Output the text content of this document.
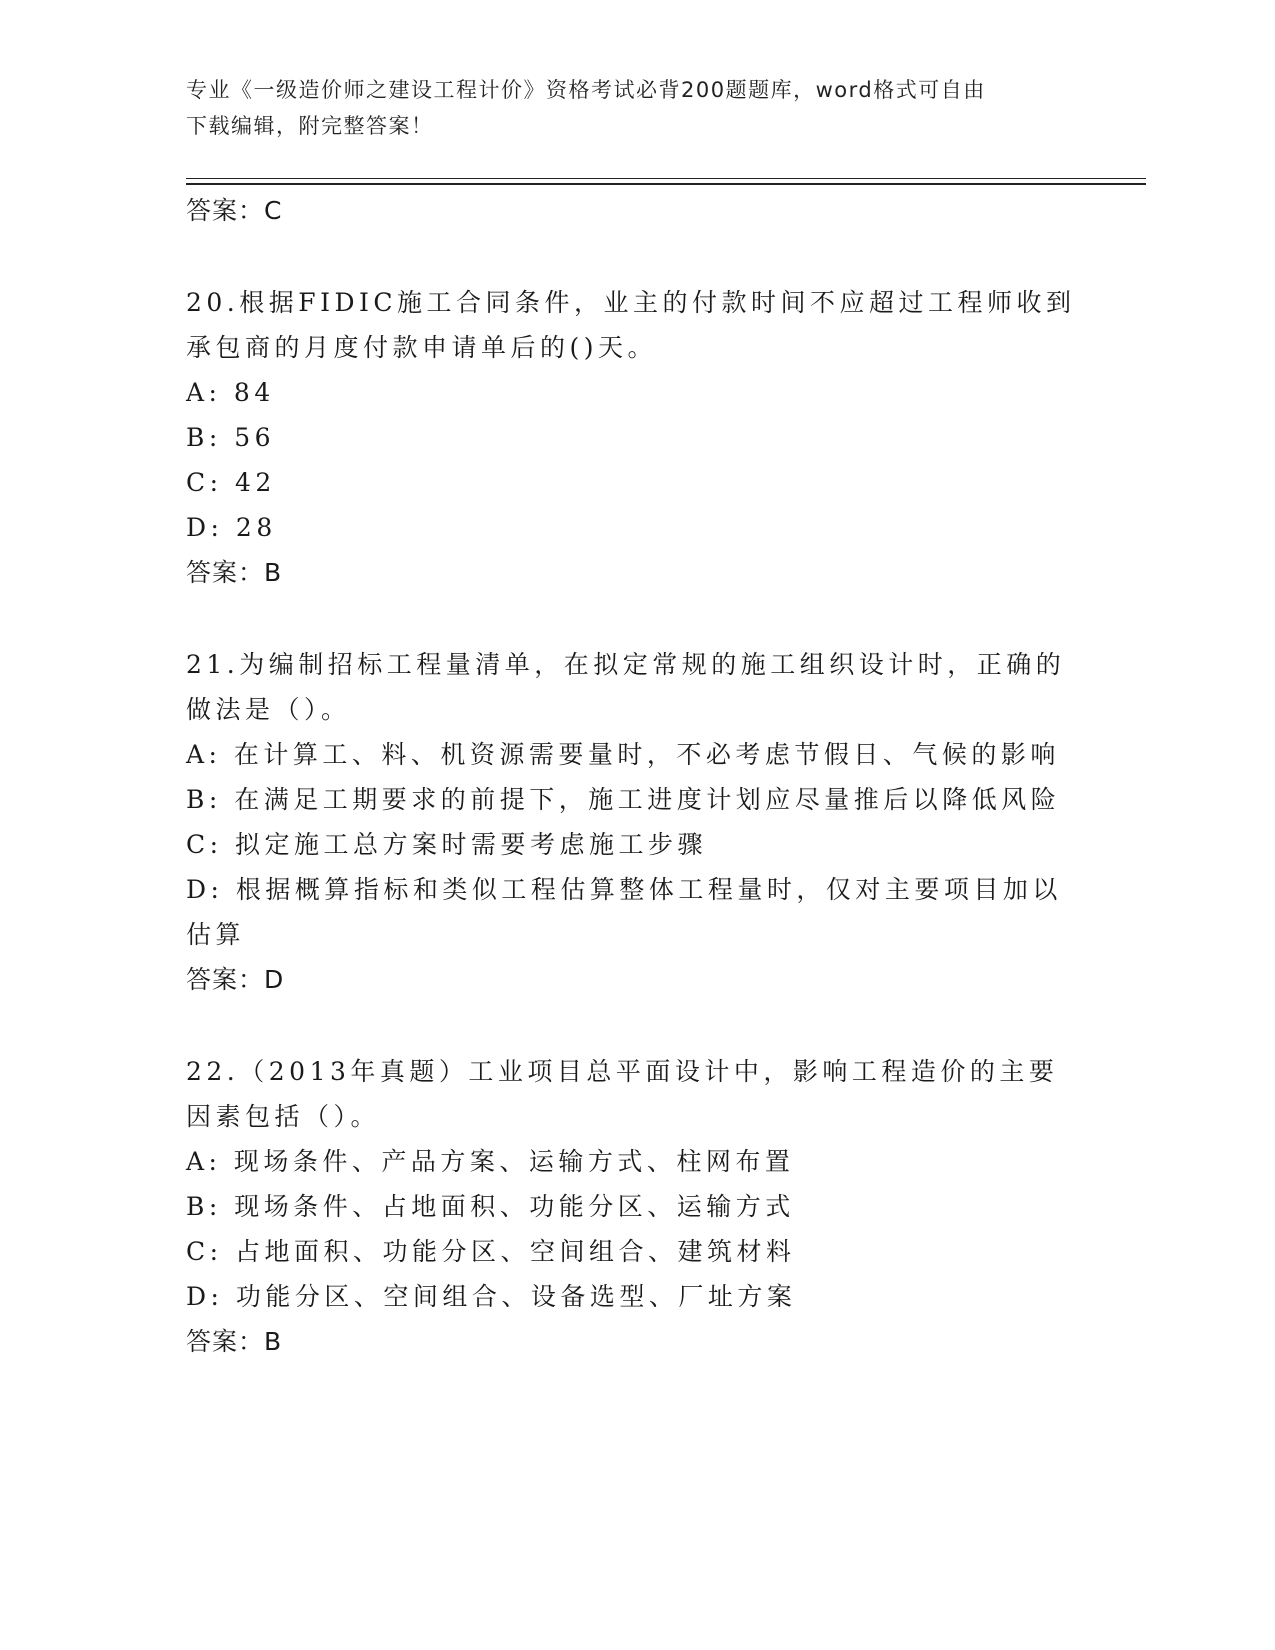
专业《一级造价师之建设工程计价》资格考试必背200题题库，word格式可自由
下载编辑，附完整答案！

答案：C

20.根据FIDIC施工合同条件，业主的付款时间不应超过工程师收到承包商的月度付款申请单后的()天。

A: 84

B: 56

C: 42

D: 28

答案：B

21.为编制招标工程量清单，在拟定常规的施工组织设计时，正确的做法是（）。

A: 在计算工、料、机资源需要量时，不必考虑节假日、气候的影响

B: 在满足工期要求的前提下，施工进度计划应尽量推后以降低风险

C: 拟定施工总方案时需要考虑施工步骤

D: 根据概算指标和类似工程估算整体工程量时，仅对主要项目加以估算

答案：D

22.（2013年真题）工业项目总平面设计中，影响工程造价的主要因素包括（）。

A: 现场条件、产品方案、运输方式、柱网布置

B: 现场条件、占地面积、功能分区、运输方式

C: 占地面积、功能分区、空间组合、建筑材料

D: 功能分区、空间组合、设备选型、厂址方案

答案：B
